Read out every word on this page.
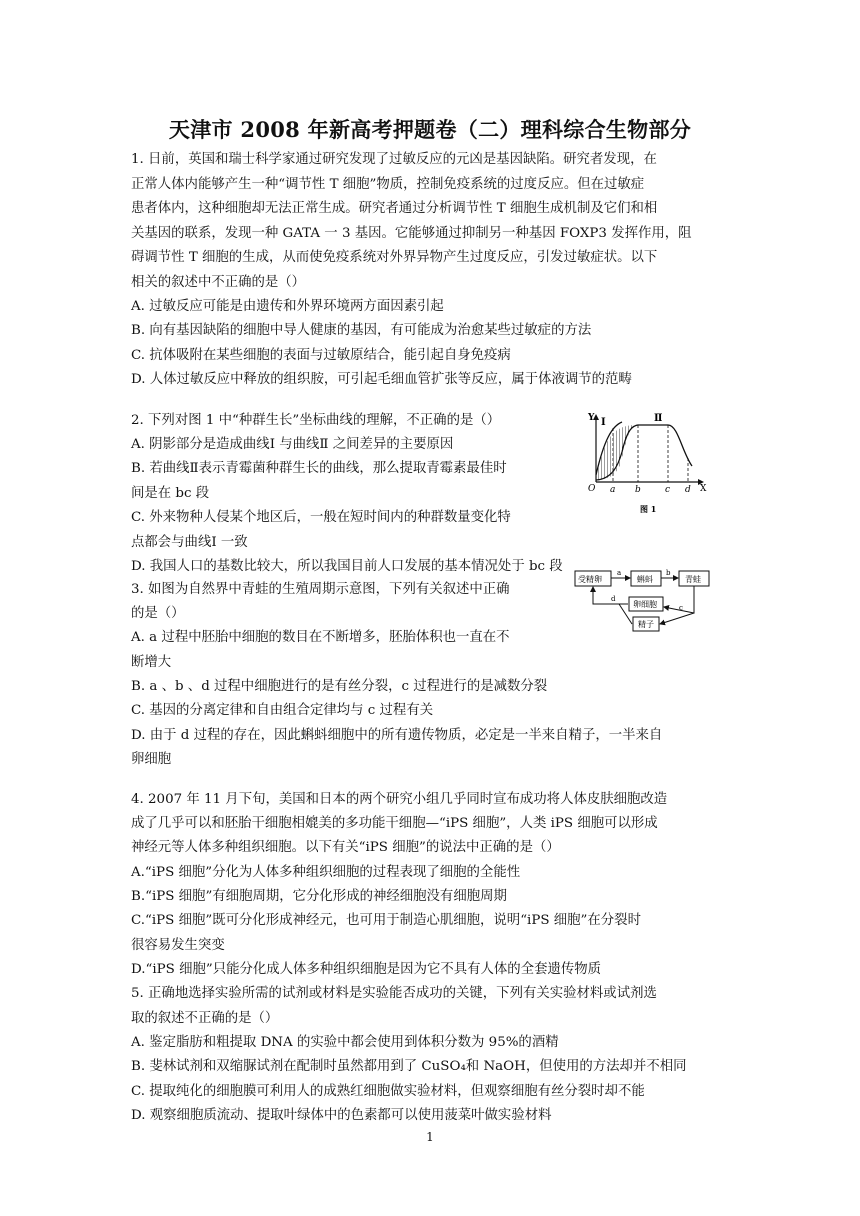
天津市 2008 年新高考押题卷（二）理科综合生物部分
1. 日前，英国和瑞士科学家通过研究发现了过敏反应的元凶是基因缺陷。研究者发现，在
正常人体内能够产生一种“调节性 T 细胞”物质，控制免疫系统的过度反应。但在过敏症
患者体内，这种细胞却无法正常生成。研究者通过分析调节性 T 细胞生成机制及它们和相
关基因的联系，发现一种 GATA 一 3 基因。它能够通过抑制另一种基因 FOXP3 发挥作用，阻
碍调节性 T 细胞的生成，从而使免疫系统对外界异物产生过度反应，引发过敏症状。以下
相关的叙述中不正确的是（）
A. 过敏反应可能是由遗传和外界环境两方面因素引起
B. 向有基因缺陷的细胞中导人健康的基因，有可能成为治愈某些过敏症的方法
C. 抗体吸附在某些细胞的表面与过敏原结合，能引起自身免疫病
D. 人体过敏反应中释放的组织胺，可引起毛细血管扩张等反应，属于体液调节的范畴
2. 下列对图 1 中“种群生长”坐标曲线的理解，不正确的是（）
A. 阴影部分是造成曲线Ⅰ 与曲线Ⅱ 之间差异的主要原因
B. 若曲线Ⅱ表示青霉菌种群生长的曲线，那么提取青霉素最佳时
间是在 bc 段
C. 外来物种人侵某个地区后，一般在短时间内的种群数量变化特
点都会与曲线Ⅰ 一致
D. 我国人口的基数比较大，所以我国目前人口发展的基本情况处于 bc 段
Y
X
O a b	c d
Ⅰ	Ⅱ
图 1
3. 如图为自然界中青蛙的生殖周期示意图，下列有关叙述中正确
的是（）
A. a 过程中胚胎中细胞的数目在不断增多，胚胎体积也一直在不
断增大
B. a 、b 、d 过程中细胞进行的是有丝分裂，c 过程进行的是减数分裂
C. 基因的分离定律和自由组合定律均与 c 过程有关
D. 由于 d 过程的存在，因此蝌蚪细胞中的所有遗传物质，必定是一半来自精子，一半来自
卵细胞
受精卵	蝌蚪	青蛙
卵细胞
精子
a	b
c
d
4. 2007 年 11 月下旬，美国和日本的两个研究小组几乎同时宣布成功将人体皮肤细胞改造
成了几乎可以和胚胎干细胞相媲美的多功能干细胞—“iPS 细胞”，人类 iPS 细胞可以形成
神经元等人体多种组织细胞。以下有关“iPS 细胞”的说法中正确的是（）
A.“iPS 细胞”分化为人体多种组织细胞的过程表现了细胞的全能性
B.“iPS 细胞”有细胞周期，它分化形成的神经细胞没有细胞周期
C.“iPS 细胞”既可分化形成神经元，也可用于制造心肌细胞，说明“iPS 细胞”在分裂时
很容易发生突变
D.“iPS 细胞”只能分化成人体多种组织细胞是因为它不具有人体的全套遗传物质
5. 正确地选择实验所需的试剂或材料是实验能否成功的关键，下列有关实验材料或试剂选
取的叙述不正确的是（）
A. 鉴定脂肪和粗提取 DNA 的实验中都会使用到体积分数为 95%的酒精
B. 斐林试剂和双缩脲试剂在配制时虽然都用到了 CuSO₄和 NaOH，但使用的方法却并不相同
C. 提取纯化的细胞膜可利用人的成熟红细胞做实验材料，但观察细胞有丝分裂时却不能
D. 观察细胞质流动、提取叶绿体中的色素都可以使用菠菜叶做实验材料
1
